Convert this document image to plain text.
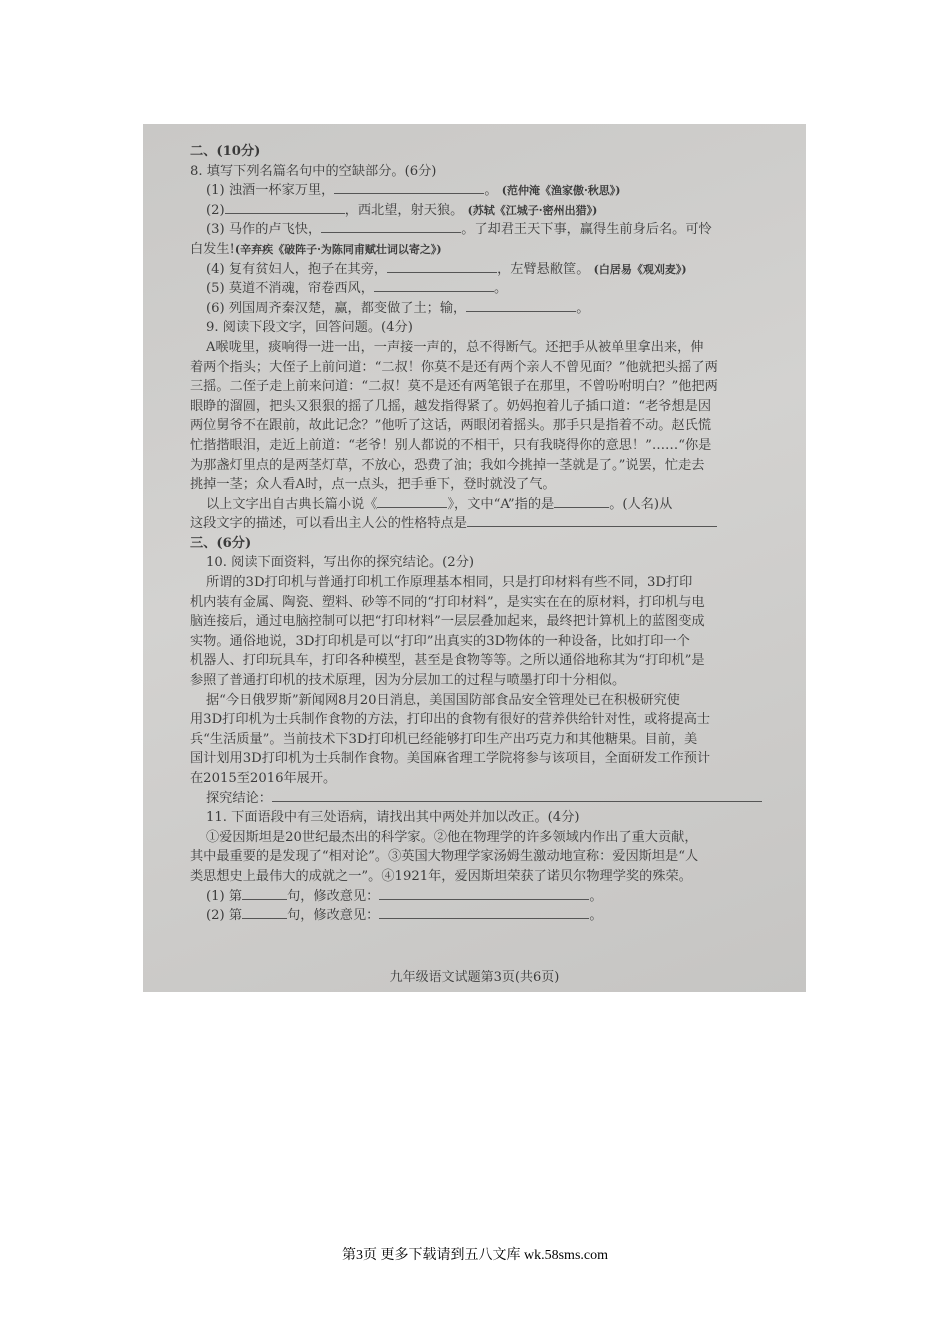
二、(10分)
8. 填写下列名篇名句中的空缺部分。(6分)
(1) 浊酒一杯家万里，	。 (范仲淹《渔家傲·秋思》)
(2)	，西北望，射天狼。 (苏轼《江城子·密州出猎》)
(3) 马作的卢飞快，	。了却君王天下事，赢得生前身后名。可怜
白发生!(辛弃疾《破阵子·为陈同甫赋壮词以寄之》)
(4) 复有贫妇人，抱子在其旁，	，左臂悬敝筐。 (白居易《观刈麦》)
(5) 莫道不消魂，帘卷西风，	。
(6) 列国周齐秦汉楚，赢，都变做了土；输，	。
9. 阅读下段文字，回答问题。(4分)
A喉咙里，痰响得一进一出，一声接一声的，总不得断气。还把手从被单里拿出来，伸
着两个指头；大侄子上前问道：“二叔！你莫不是还有两个亲人不曾见面？”他就把头摇了两
三摇。二侄子走上前来问道：“二叔！莫不是还有两笔银子在那里，不曾吩咐明白？”他把两
眼睁的溜圆，把头又狠狠的摇了几摇，越发指得紧了。奶妈抱着儿子插口道：“老爷想是因
两位舅爷不在跟前，故此记念？”他听了这话，两眼闭着摇头。那手只是指着不动。赵氏慌
忙揩揩眼泪，走近上前道：“老爷！别人都说的不相干，只有我晓得你的意思！”……“你是
为那盏灯里点的是两茎灯草，不放心，恐费了油；我如今挑掉一茎就是了。”说罢，忙走去
挑掉一茎；众人看A时，点一点头，把手垂下，登时就没了气。
以上文字出自古典长篇小说《	》，文中“A”指的是	。(人名)从
这段文字的描述，可以看出主人公的性格特点是
三、(6分)
10. 阅读下面资料，写出你的探究结论。(2分)
所谓的3D打印机与普通打印机工作原理基本相同，只是打印材料有些不同，3D打印
机内装有金属、陶瓷、塑料、砂等不同的“打印材料”，是实实在在的原材料，打印机与电
脑连接后，通过电脑控制可以把“打印材料”一层层叠加起来，最终把计算机上的蓝图变成
实物。通俗地说，3D打印机是可以“打印”出真实的3D物体的一种设备，比如打印一个
机器人、打印玩具车，打印各种模型，甚至是食物等等。之所以通俗地称其为“打印机”是
参照了普通打印机的技术原理，因为分层加工的过程与喷墨打印十分相似。
据“今日俄罗斯”新闻网8月20日消息，美国国防部食品安全管理处已在积极研究使
用3D打印机为士兵制作食物的方法，打印出的食物有很好的营养供给针对性，或将提高士
兵“生活质量”。当前技术下3D打印机已经能够打印生产出巧克力和其他糖果。目前，美
国计划用3D打印机为士兵制作食物。美国麻省理工学院将参与该项目，全面研发工作预计
在2015至2016年展开。
探究结论：
11. 下面语段中有三处语病，请找出其中两处并加以改正。(4分)
①爱因斯坦是20世纪最杰出的科学家。②他在物理学的许多领域内作出了重大贡献，
其中最重要的是发现了“相对论”。③英国大物理学家汤姆生激动地宣称：爱因斯坦是“人
类思想史上最伟大的成就之一”。④1921年，爱因斯坦荣获了诺贝尔物理学奖的殊荣。
(1) 第	句，修改意见：	。
(2) 第	句，修改意见：	。
九年级语文试题第3页(共6页)
第3页 更多下载请到五八文库 wk.58sms.com
